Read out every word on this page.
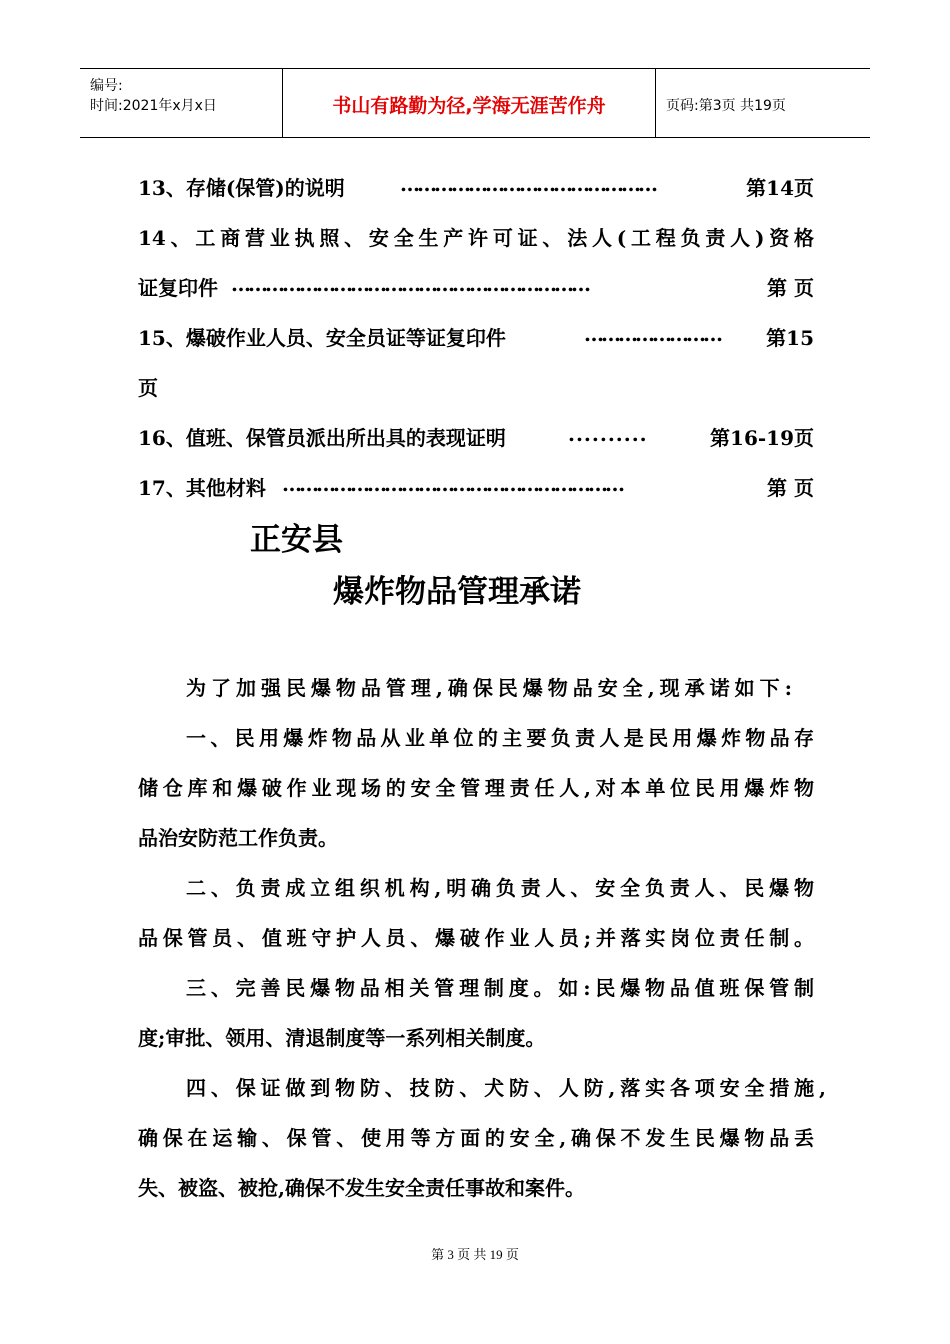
编号:
时间:2021年x月x日	书山有路勤为径,学海无涯苦作舟	页码:第3页 共19页
13、存储(保管)的说明	………………………………………	第14页
14、工商营业执照、安全生产许可证、法人(工程负责人)资格
证复印件 ………………………………………………………	第 页
15、爆破作业人员、安全员证等证复印件	…………………… 第15
页
16、值班、保管员派出所出具的表现证明	..........	第16-19页
17、其他材料 ……………………………………………………	第 页
正安县
爆炸物品管理承诺
为了加强民爆物品管理,确保民爆物品安全,现承诺如下:
一、民用爆炸物品从业单位的主要负责人是民用爆炸物品存
储仓库和爆破作业现场的安全管理责任人,对本单位民用爆炸物
品治安防范工作负责。
二、负责成立组织机构,明确负责人、安全负责人、民爆物
品保管员、值班守护人员、爆破作业人员;并落实岗位责任制。
三、完善民爆物品相关管理制度。如:民爆物品值班保管制
度;审批、领用、清退制度等一系列相关制度。
四、保证做到物防、技防、犬防、人防,落实各项安全措施,
确保在运输、保管、使用等方面的安全,确保不发生民爆物品丢
失、被盗、被抢,确保不发生安全责任事故和案件。
第 3 页 共 19 页
